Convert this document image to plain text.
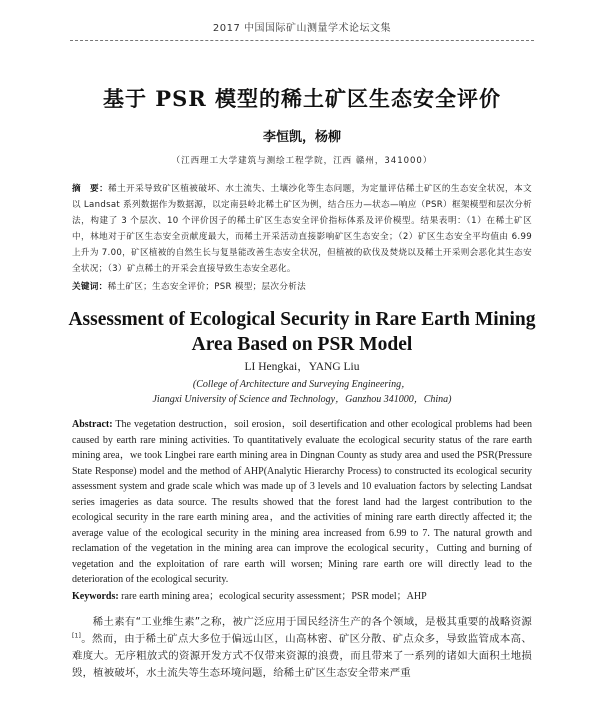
2017 中国国际矿山测量学术论坛文集
基于 PSR 模型的稀土矿区生态安全评价
李恒凯，杨柳
（江西理工大学建筑与测绘工程学院，江西 赣州，341000）
摘　要：稀土开采导致矿区植被破坏、水土流失、土壤沙化等生态问题，为定量评估稀土矿区的生态安全状况，本文以 Landsat 系列数据作为数据源，以定南县岭北稀土矿区为例，结合压力—状态—响应（PSR）框架模型和层次分析法，构建了 3 个层次、10 个评价因子的稀土矿区生态安全评价指标体系及评价模型。结果表明：（1）在稀土矿区中，林地对于矿区生态安全贡献度最大，而稀土开采活动直接影响矿区生态安全；（2）矿区生态安全平均值由 6.99 上升为 7.00，矿区植被的自然生长与复垦能改善生态安全状况，但植被的砍伐及焚烧以及稀土开采则会恶化其生态安全状况；（3）矿点稀土的开采会直接导致生态安全恶化。
关键词：稀土矿区；生态安全评价；PSR 模型；层次分析法
Assessment of Ecological Security in Rare Earth Mining
Area Based on PSR Model
LI Hengkai，YANG Liu
(College of Architecture and Surveying Engineering，
Jiangxi University of Science and Technology，Ganzhou 341000，China)
Abstract: The vegetation destruction，soil erosion，soil desertification and other ecological problems had been caused by earth rare mining activities. To quantitatively evaluate the ecological security status of the rare earth mining area，we took Lingbei rare earth mining area in Dingnan County as study area and used the PSR(Pressure State Response) model and the method of AHP(Analytic Hierarchy Process) to constructed its ecological security assessment system and grade scale which was made up of 3 levels and 10 evaluation factors by selecting Landsat series imageries as data source. The results showed that the forest land had the largest contribution to the ecological security in the rare earth mining area，and the activities of mining rare earth directly affected it; the average value of the ecological security in the mining area increased from 6.99 to 7. The natural growth and reclamation of the vegetation in the mining area can improve the ecological security，Cutting and burning of vegetation and the exploitation of rare earth will worsen; Mining rare earth ore will directly lead to the deterioration of the ecological security.
Keywords: rare earth mining area；ecological security assessment；PSR model；AHP
稀土素有“工业维生素”之称，被广泛应用于国民经济生产的各个领域，是极其重要的战略资源[1]。然而，由于稀土矿点大多位于偏远山区，山高林密、矿区分散、矿点众多，导致监管成本高、难度大。无序粗放式的资源开发方式不仅带来资源的浪费，而且带来了一系列的诸如大面积土地损毁，植被破坏，水土流失等生态环境问题，给稀土矿区生态安全带来严重
